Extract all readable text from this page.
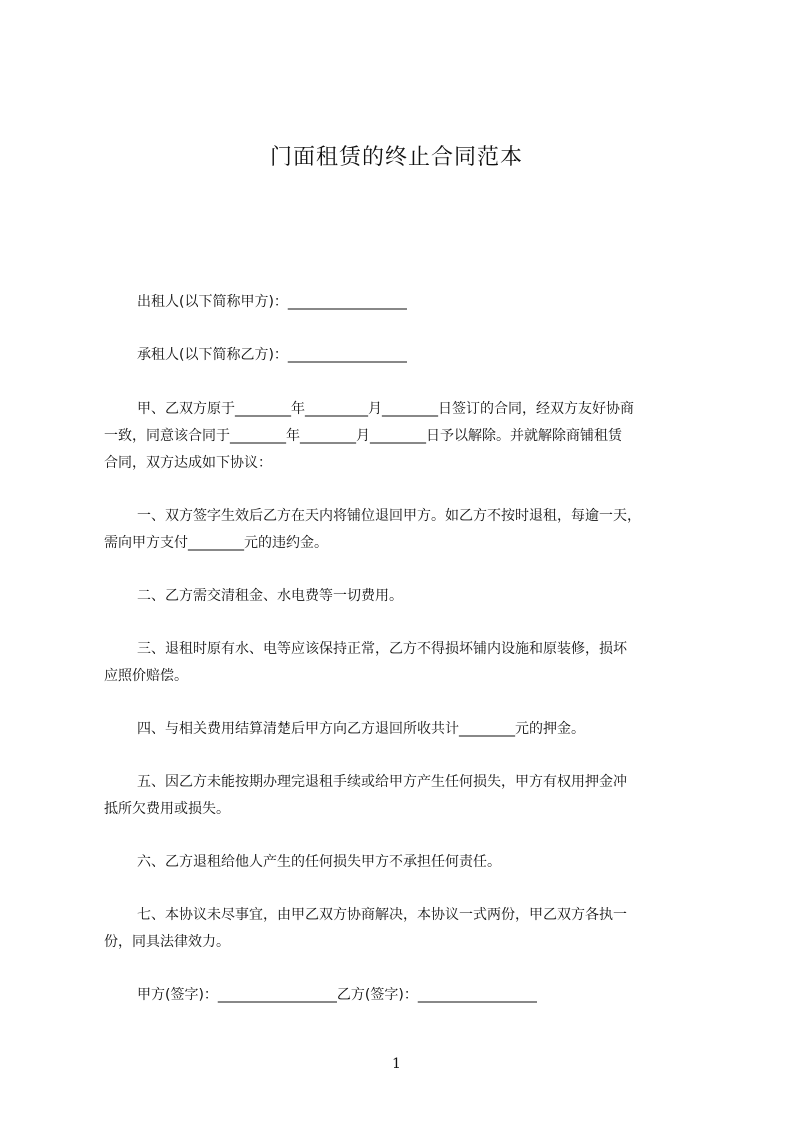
门面租赁的终止合同范本
出租人(以下简称甲方)：_________________
承租人(以下简称乙方)：_________________
甲、乙双方原于________年_________月________日签订的合同，经双方友好协商
一致，同意该合同于________年________月________日予以解除。并就解除商铺租赁
合同，双方达成如下协议：
一、双方签字生效后乙方在天内将铺位退回甲方。如乙方不按时退租，每逾一天，
需向甲方支付________元的违约金。
二、乙方需交清租金、水电费等一切费用。
三、退租时原有水、电等应该保持正常，乙方不得损坏铺内设施和原装修，损坏
应照价赔偿。
四、与相关费用结算清楚后甲方向乙方退回所收共计________元的押金。
五、因乙方未能按期办理完退租手续或给甲方产生任何损失，甲方有权用押金冲
抵所欠费用或损失。
六、乙方退租给他人产生的任何损失甲方不承担任何责任。
七、本协议未尽事宜，由甲乙双方协商解决，本协议一式两份，甲乙双方各执一
份，同具法律效力。
甲方(签字)：_________________乙方(签字)：_________________
1
